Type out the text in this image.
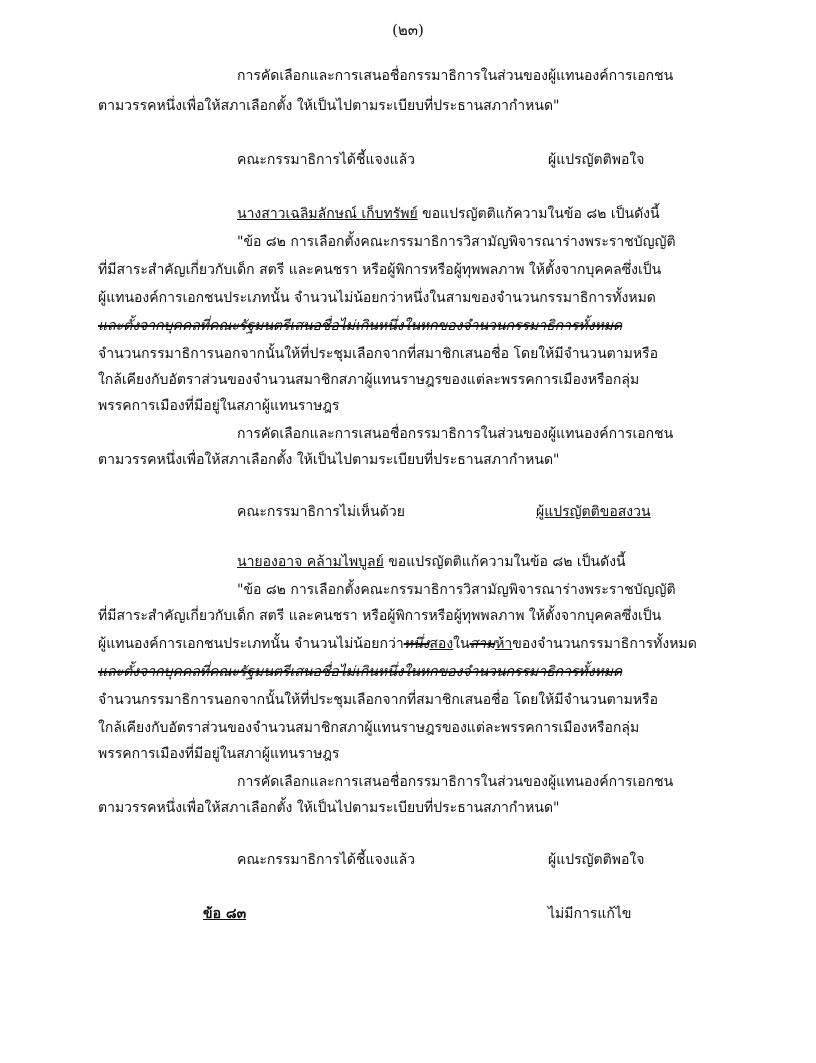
(๒๓)
การคัดเลือกและการเสนอชื่อกรรมาธิการในส่วนของผู้แทนองค์การเอกชน
ตามวรรคหนึ่งเพื่อให้สภาเลือกตั้ง ให้เป็นไปตามระเบียบที่ประธานสภากำหนด"
คณะกรรมาธิการได้ชี้แจงแล้ว	ผู้แปรญัตติพอใจ
นางสาวเฉลิมลักษณ์ เก็บทรัพย์ ขอแปรญัตติแก้ความในข้อ ๘๒ เป็นดังนี้
"ข้อ ๘๒ การเลือกตั้งคณะกรรมาธิการวิสามัญพิจารณาร่างพระราชบัญญัติ
ที่มีสาระสำคัญเกี่ยวกับเด็ก สตรี และคนชรา หรือผู้พิการหรือผู้ทุพพลภาพ ให้ตั้งจากบุคคลซึ่งเป็น
ผู้แทนองค์การเอกชนประเภทนั้น จำนวนไม่น้อยกว่าหนึ่งในสามของจำนวนกรรมาธิการทั้งหมด
และตั้งจากบุคคลที่คณะรัฐมนตรีเสนอชื่อไม่เกินหนึ่งในหกของจำนวนกรรมาธิการทั้งหมด
จำนวนกรรมาธิการนอกจากนั้นให้ที่ประชุมเลือกจากที่สมาชิกเสนอชื่อ โดยให้มีจำนวนตามหรือ
ใกล้เคียงกับอัตราส่วนของจำนวนสมาชิกสภาผู้แทนราษฎรของแต่ละพรรคการเมืองหรือกลุ่ม
พรรคการเมืองที่มีอยู่ในสภาผู้แทนราษฎร
การคัดเลือกและการเสนอชื่อกรรมาธิการในส่วนของผู้แทนองค์การเอกชน
ตามวรรคหนึ่งเพื่อให้สภาเลือกตั้ง ให้เป็นไปตามระเบียบที่ประธานสภากำหนด"
คณะกรรมาธิการไม่เห็นด้วย	ผู้แปรญัตติขอสงวน
นายองอาจ คล้ามไพบูลย์ ขอแปรญัตติแก้ความในข้อ ๘๒ เป็นดังนี้
"ข้อ ๘๒ การเลือกตั้งคณะกรรมาธิการวิสามัญพิจารณาร่างพระราชบัญญัติ
ที่มีสาระสำคัญเกี่ยวกับเด็ก สตรี และคนชรา หรือผู้พิการหรือผู้ทุพพลภาพ ให้ตั้งจากบุคคลซึ่งเป็น
ผู้แทนองค์การเอกชนประเภทนั้น จำนวนไม่น้อยกว่าหนึ่งสองในสามห้าของจำนวนกรรมาธิการทั้งหมด
และตั้งจากบุคคลที่คณะรัฐมนตรีเสนอชื่อไม่เกินหนึ่งในหกของจำนวนกรรมาธิการทั้งหมด
จำนวนกรรมาธิการนอกจากนั้นให้ที่ประชุมเลือกจากที่สมาชิกเสนอชื่อ โดยให้มีจำนวนตามหรือ
ใกล้เคียงกับอัตราส่วนของจำนวนสมาชิกสภาผู้แทนราษฎรของแต่ละพรรคการเมืองหรือกลุ่ม
พรรคการเมืองที่มีอยู่ในสภาผู้แทนราษฎร
การคัดเลือกและการเสนอชื่อกรรมาธิการในส่วนของผู้แทนองค์การเอกชน
ตามวรรคหนึ่งเพื่อให้สภาเลือกตั้ง ให้เป็นไปตามระเบียบที่ประธานสภากำหนด"
คณะกรรมาธิการได้ชี้แจงแล้ว	ผู้แปรญัตติพอใจ
ข้อ ๘๓	ไม่มีการแก้ไข
